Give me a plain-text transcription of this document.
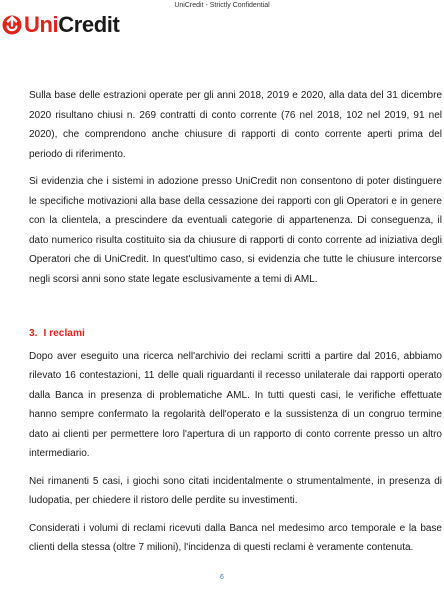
UniCredit - Strictly Confidential
UniCredit

Sulla base delle estrazioni operate per gli anni 2018, 2019 e 2020, alla data del 31 dicembre 2020 risultano chiusi n. 269 contratti di conto corrente (76 nel 2018, 102 nel 2019, 91 nel 2020), che comprendono anche chiusure di rapporti di conto corrente aperti prima del periodo di riferimento.

Si evidenzia che i sistemi in adozione presso UniCredit non consentono di poter distinguere le specifiche motivazioni alla base della cessazione dei rapporti con gli Operatori e in genere con la clientela, a prescindere da eventuali categorie di appartenenza. Di conseguenza, il dato numerico risulta costituito sia da chiusure di rapporti di conto corrente ad iniziativa degli Operatori che di UniCredit. In quest'ultimo caso, si evidenzia che tutte le chiusure intercorse negli scorsi anni sono state legate esclusivamente a temi di AML.

3. I reclami

Dopo aver eseguito una ricerca nell'archivio dei reclami scritti a partire dal 2016, abbiamo rilevato 16 contestazioni, 11 delle quali riguardanti il recesso unilaterale dai rapporti operato dalla Banca in presenza di problematiche AML. In tutti questi casi, le verifiche effettuate hanno sempre confermato la regolarità dell'operato e la sussistenza di un congruo termine dato ai clienti per permettere loro l'apertura di un rapporto di conto corrente presso un altro intermediario.

Nei rimanenti 5 casi, i giochi sono citati incidentalmente o strumentalmente, in presenza di ludopatia, per chiedere il ristoro delle perdite su investimenti.

Considerati i volumi di reclami ricevuti dalla Banca nel medesimo arco temporale e la base clienti della stessa (oltre 7 milioni), l'incidenza di questi reclami è veramente contenuta.

6
